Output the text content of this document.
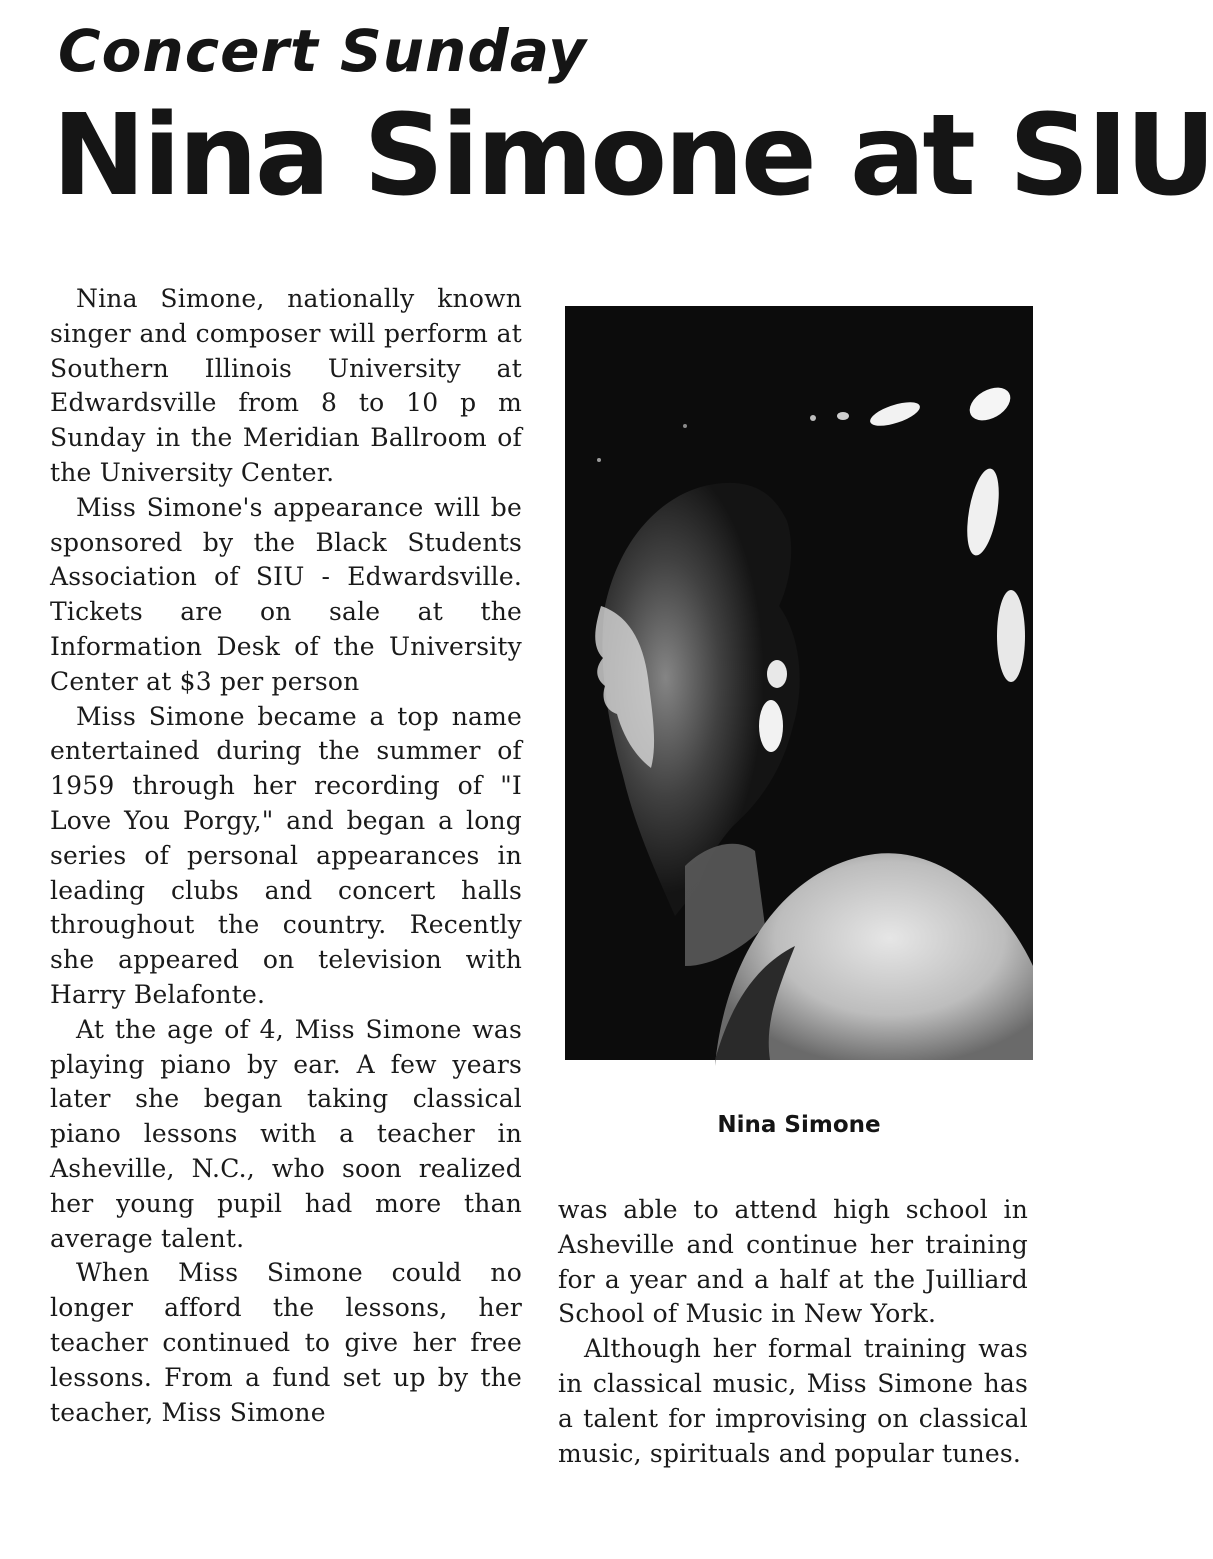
Concert Sunday
Nina Simone at SIU

Nina Simone, nationally known singer and composer will perform at Southern Illinois University at Edwardsville from 8 to 10 p m Sunday in the Meridian Ballroom of the University Center.

Miss Simone's appearance will be sponsored by the Black Students Association of SIU - Edwardsville. Tickets are on sale at the Information Desk of the University Center at $3 per person

Miss Simone became a top name entertained during the summer of 1959 through her recording of "I Love You Porgy," and began a long series of personal appearances in leading clubs and concert halls throughout the country. Recently she appeared on television with Harry Belafonte.

At the age of 4, Miss Simone was playing piano by ear. A few years later she began taking classical piano lessons with a teacher in Asheville, N.C., who soon realized her young pupil had more than average talent.

When Miss Simone could no longer afford the lessons, her teacher continued to give her free lessons. From a fund set up by the teacher, Miss Simone

Nina Simone

was able to attend high school in Asheville and continue her training for a year and a half at the Juilliard School of Music in New York.

Although her formal training was in classical music, Miss Simone has a talent for improvising on classical music, spirituals and popular tunes.
